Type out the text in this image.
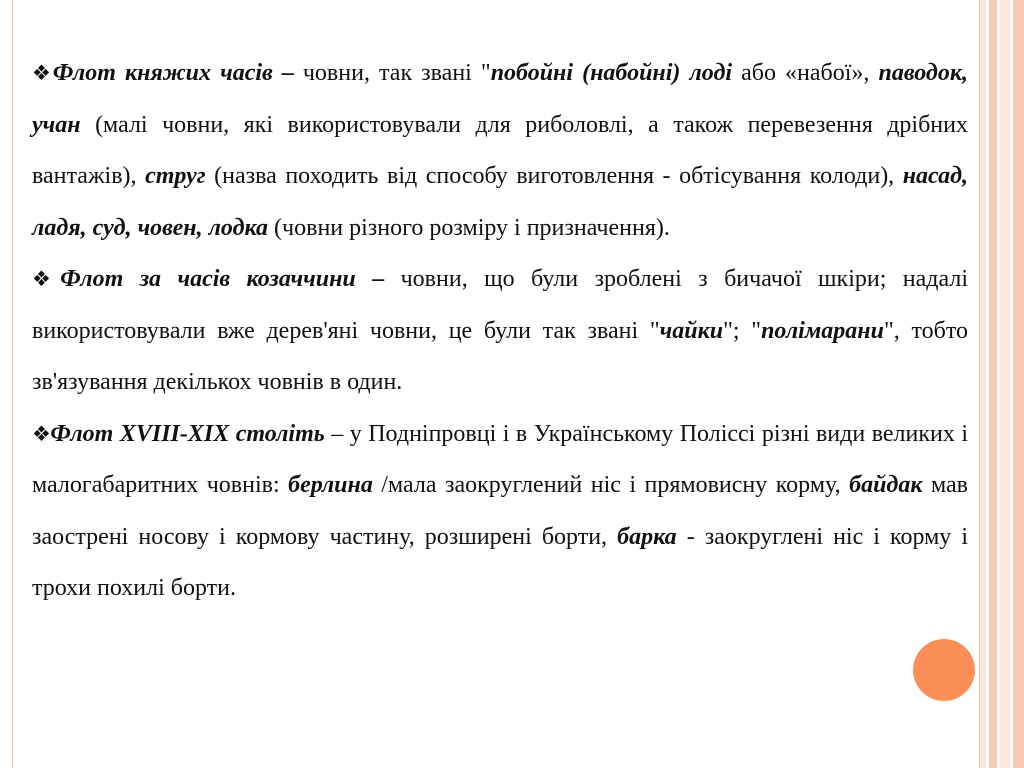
❖Флот княжих часів – човни, так звані "побойні (набойні) лоді або «набої», паводок, учан (малі човни, які використовували для риболовлі, а також перевезення дрібних вантажів), струг (назва походить від способу виготовлення - обтісування колоди), насад, ладя, суд, човен, лодка (човни різного розміру і призначення).

❖Флот за часів козаччини – човни, що були зроблені з бичачої шкіри; надалі використовували вже дерев'яні човни, це були так звані "чайки"; "полімарани", тобто зв'язування декількох човнів в один.

❖Флот XVIII-XIX століть – у Подніпровці і в Українському Поліссі різні види великих і малогабаритних човнів: берлина /мала заокруглений ніс і прямовисну корму, байдак мав заострені носову і кормову частину, розширені борти, барка - заокруглені ніс і корму і трохи похилі борти.
